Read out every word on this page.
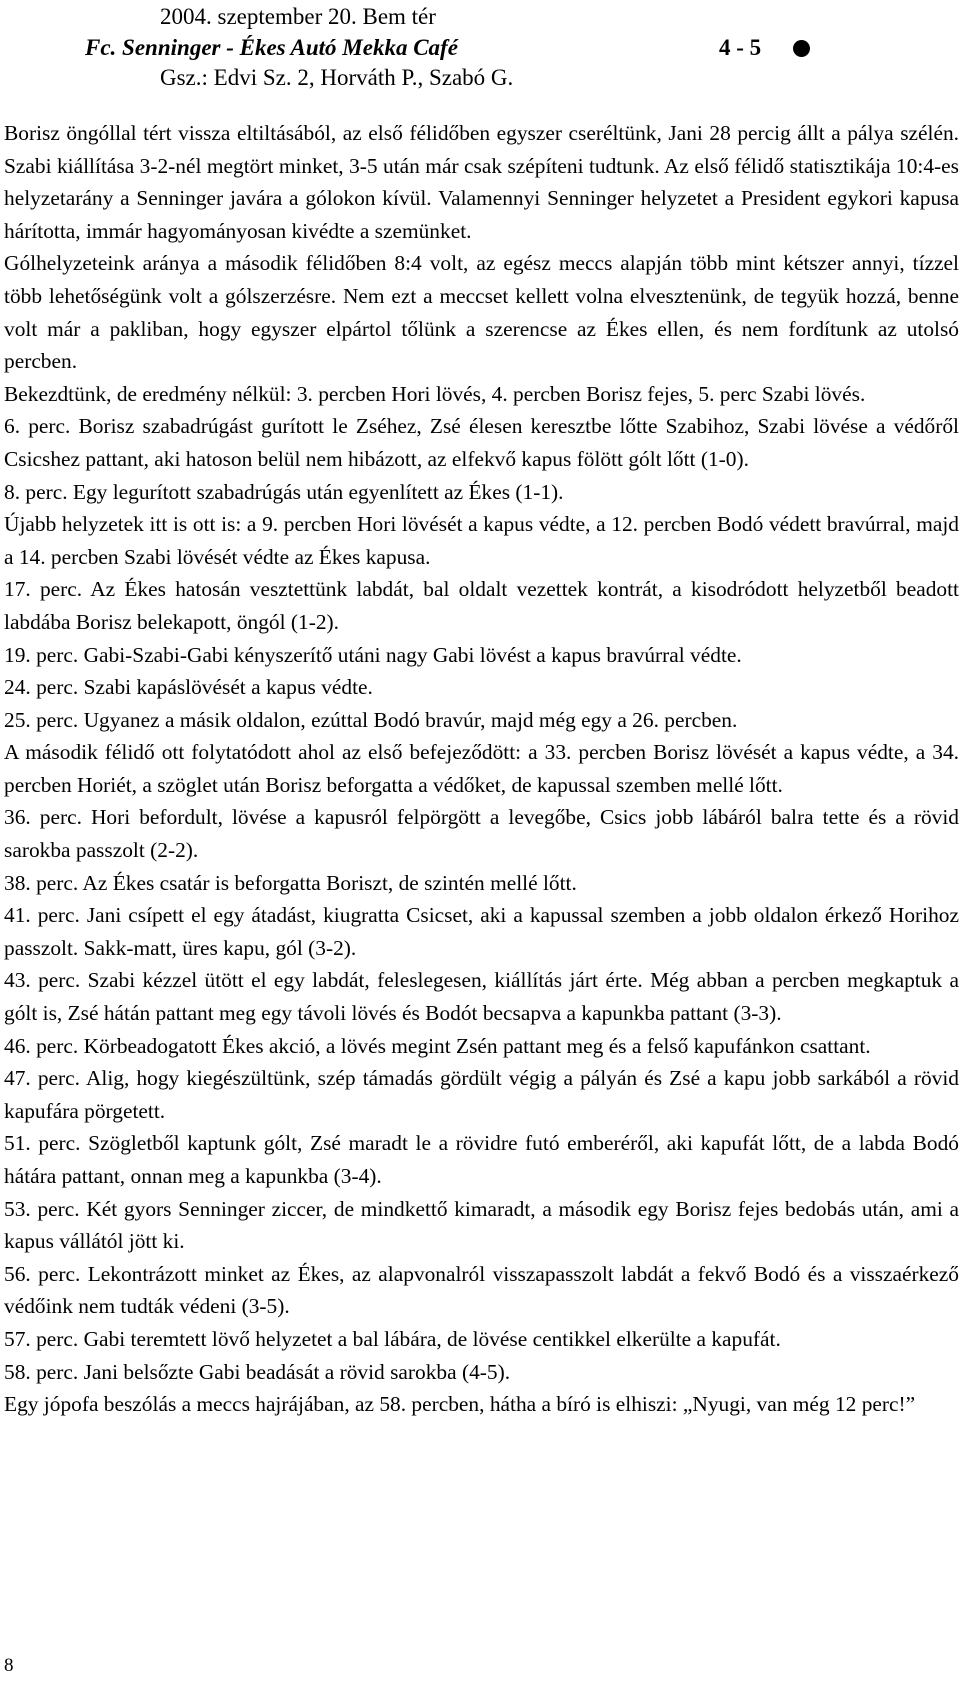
2004. szeptember 20. Bem tér
Fc. Senninger - Ékes Autó Mekka Café	4 - 5
Gsz.: Edvi Sz. 2, Horváth P., Szabó G.

Borisz öngóllal tért vissza eltiltásából, az első félidőben egyszer cseréltünk, Jani 28 percig állt a pálya szélén. Szabi kiállítása 3-2-nél megtört minket, 3-5 után már csak szépíteni tudtunk. Az első félidő statisztikája 10:4-es helyzetarány a Senninger javára a gólokon kívül. Valamennyi Senninger helyzetet a President egykori kapusa hárította, immár hagyományosan kivédte a szemünket.

Gólhelyzeteink aránya a második félidőben 8:4 volt, az egész meccs alapján több mint kétszer annyi, tízzel több lehetőségünk volt a gólszerzésre. Nem ezt a meccset kellett volna elvesztenünk, de tegyük hozzá, benne volt már a pakliban, hogy egyszer elpártol tőlünk a szerencse az Ékes ellen, és nem fordítunk az utolsó percben.

Bekezdtünk, de eredmény nélkül: 3. percben Hori lövés, 4. percben Borisz fejes, 5. perc Szabi lövés.

6. perc. Borisz szabadrúgást gurított le Zséhez, Zsé élesen keresztbe lőtte Szabihoz, Szabi lövése a védőről Csicshez pattant, aki hatoson belül nem hibázott, az elfekvő kapus fölött gólt lőtt (1-0).

8. perc. Egy legurított szabadrúgás után egyenlített az Ékes (1-1).

Újabb helyzetek itt is ott is: a 9. percben Hori lövését a kapus védte, a 12. percben Bodó védett bravúrral, majd a 14. percben Szabi lövését védte az Ékes kapusa.

17. perc. Az Ékes hatosán vesztettünk labdát, bal oldalt vezettek kontrát, a kisodródott helyzetből beadott labdába Borisz belekapott, öngól (1-2).

19. perc. Gabi-Szabi-Gabi kényszerítő utáni nagy Gabi lövést a kapus bravúrral védte.

24. perc. Szabi kapáslövését a kapus védte.

25. perc. Ugyanez a másik oldalon, ezúttal Bodó bravúr, majd még egy a 26. percben.

A második félidő ott folytatódott ahol az első befejeződött: a 33. percben Borisz lövését a kapus védte, a 34. percben Horiét, a szöglet után Borisz beforgatta a védőket, de kapussal szemben mellé lőtt.

36. perc. Hori befordult, lövése a kapusról felpörgött a levegőbe, Csics jobb lábáról balra tette és a rövid sarokba passzolt (2-2).

38. perc. Az Ékes csatár is beforgatta Boriszt, de szintén mellé lőtt.

41. perc. Jani csípett el egy átadást, kiugratta Csicset, aki a kapussal szemben a jobb oldalon érkező Horihoz passzolt. Sakk-matt, üres kapu, gól (3-2).

43. perc. Szabi kézzel ütött el egy labdát, feleslegesen, kiállítás járt érte. Még abban a percben megkaptuk a gólt is, Zsé hátán pattant meg egy távoli lövés és Bodót becsapva a kapunkba pattant (3-3).

46. perc. Körbeadogatott Ékes akció, a lövés megint Zsén pattant meg és a felső kapufánkon csattant.

47. perc. Alig, hogy kiegészültünk, szép támadás gördült végig a pályán és Zsé a kapu jobb sarkából a rövid kapufára pörgetett.

51. perc. Szögletből kaptunk gólt, Zsé maradt le a rövidre futó emberéről, aki kapufát lőtt, de a labda Bodó hátára pattant, onnan meg a kapunkba (3-4).

53. perc. Két gyors Senninger ziccer, de mindkettő kimaradt, a második egy Borisz fejes bedobás után, ami a kapus vállától jött ki.

56. perc. Lekontrázott minket az Ékes, az alapvonalról visszapasszolt labdát a fekvő Bodó és a visszaérkező védőink nem tudták védeni (3-5).

57. perc. Gabi teremtett lövő helyzetet a bal lábára, de lövése centikkel elkerülte a kapufát.

58. perc. Jani belsőzte Gabi beadását a rövid sarokba (4-5).

Egy jópofa beszólás a meccs hajrájában, az 58. percben, hátha a bíró is elhiszi: „Nyugi, van még 12 perc!”

8
